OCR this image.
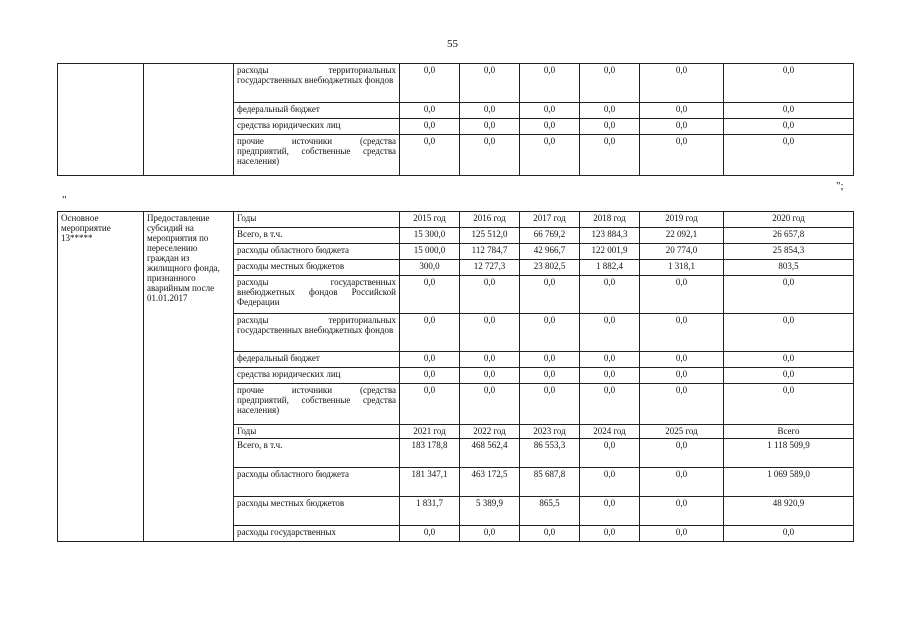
55
		расходы территориальных государственных внебюджетных фондов	0,0	0,0	0,0	0,0	0,0	0,0
		федеральный бюджет	0,0	0,0	0,0	0,0	0,0	0,0
		средства юридических лиц	0,0	0,0	0,0	0,0	0,0	0,0
		прочие источники (средства предприятий, собственные средства населения)	0,0	0,0	0,0	0,0	0,0	0,0
";
"
Основное мероприятие 13*****	Предоставление субсидий на мероприятия по переселению граждан из жилищного фонда, признанного аварийным после 01.01.2017	Годы	2015 год	2016 год	2017 год	2018 год	2019 год	2020 год
		Всего, в т.ч.	15 300,0	125 512,0	66 769,2	123 884,3	22 092,1	26 657,8
		расходы областного бюджета	15 000,0	112 784,7	42 966,7	122 001,9	20 774,0	25 854,3
		расходы местных бюджетов	300,0	12 727,3	23 802,5	1 882,4	1 318,1	803,5
		расходы государственных внебюджетных фондов Российской Федерации	0,0	0,0	0,0	0,0	0,0	0,0
		расходы территориальных государственных внебюджетных фондов	0,0	0,0	0,0	0,0	0,0	0,0
		федеральный бюджет	0,0	0,0	0,0	0,0	0,0	0,0
		средства юридических лиц	0,0	0,0	0,0	0,0	0,0	0,0
		прочие источники (средства предприятий, собственные средства населения)	0,0	0,0	0,0	0,0	0,0	0,0
		Годы	2021 год	2022 год	2023 год	2024 год	2025 год	Всего
		Всего, в т.ч.	183 178,8	468 562,4	86 553,3	0,0	0,0	1 118 509,9
		расходы областного бюджета	181 347,1	463 172,5	85 687,8	0,0	0,0	1 069 589,0
		расходы местных бюджетов	1 831,7	5 389,9	865,5	0,0	0,0	48 920,9
		расходы государственных	0,0	0,0	0,0	0,0	0,0	0,0
